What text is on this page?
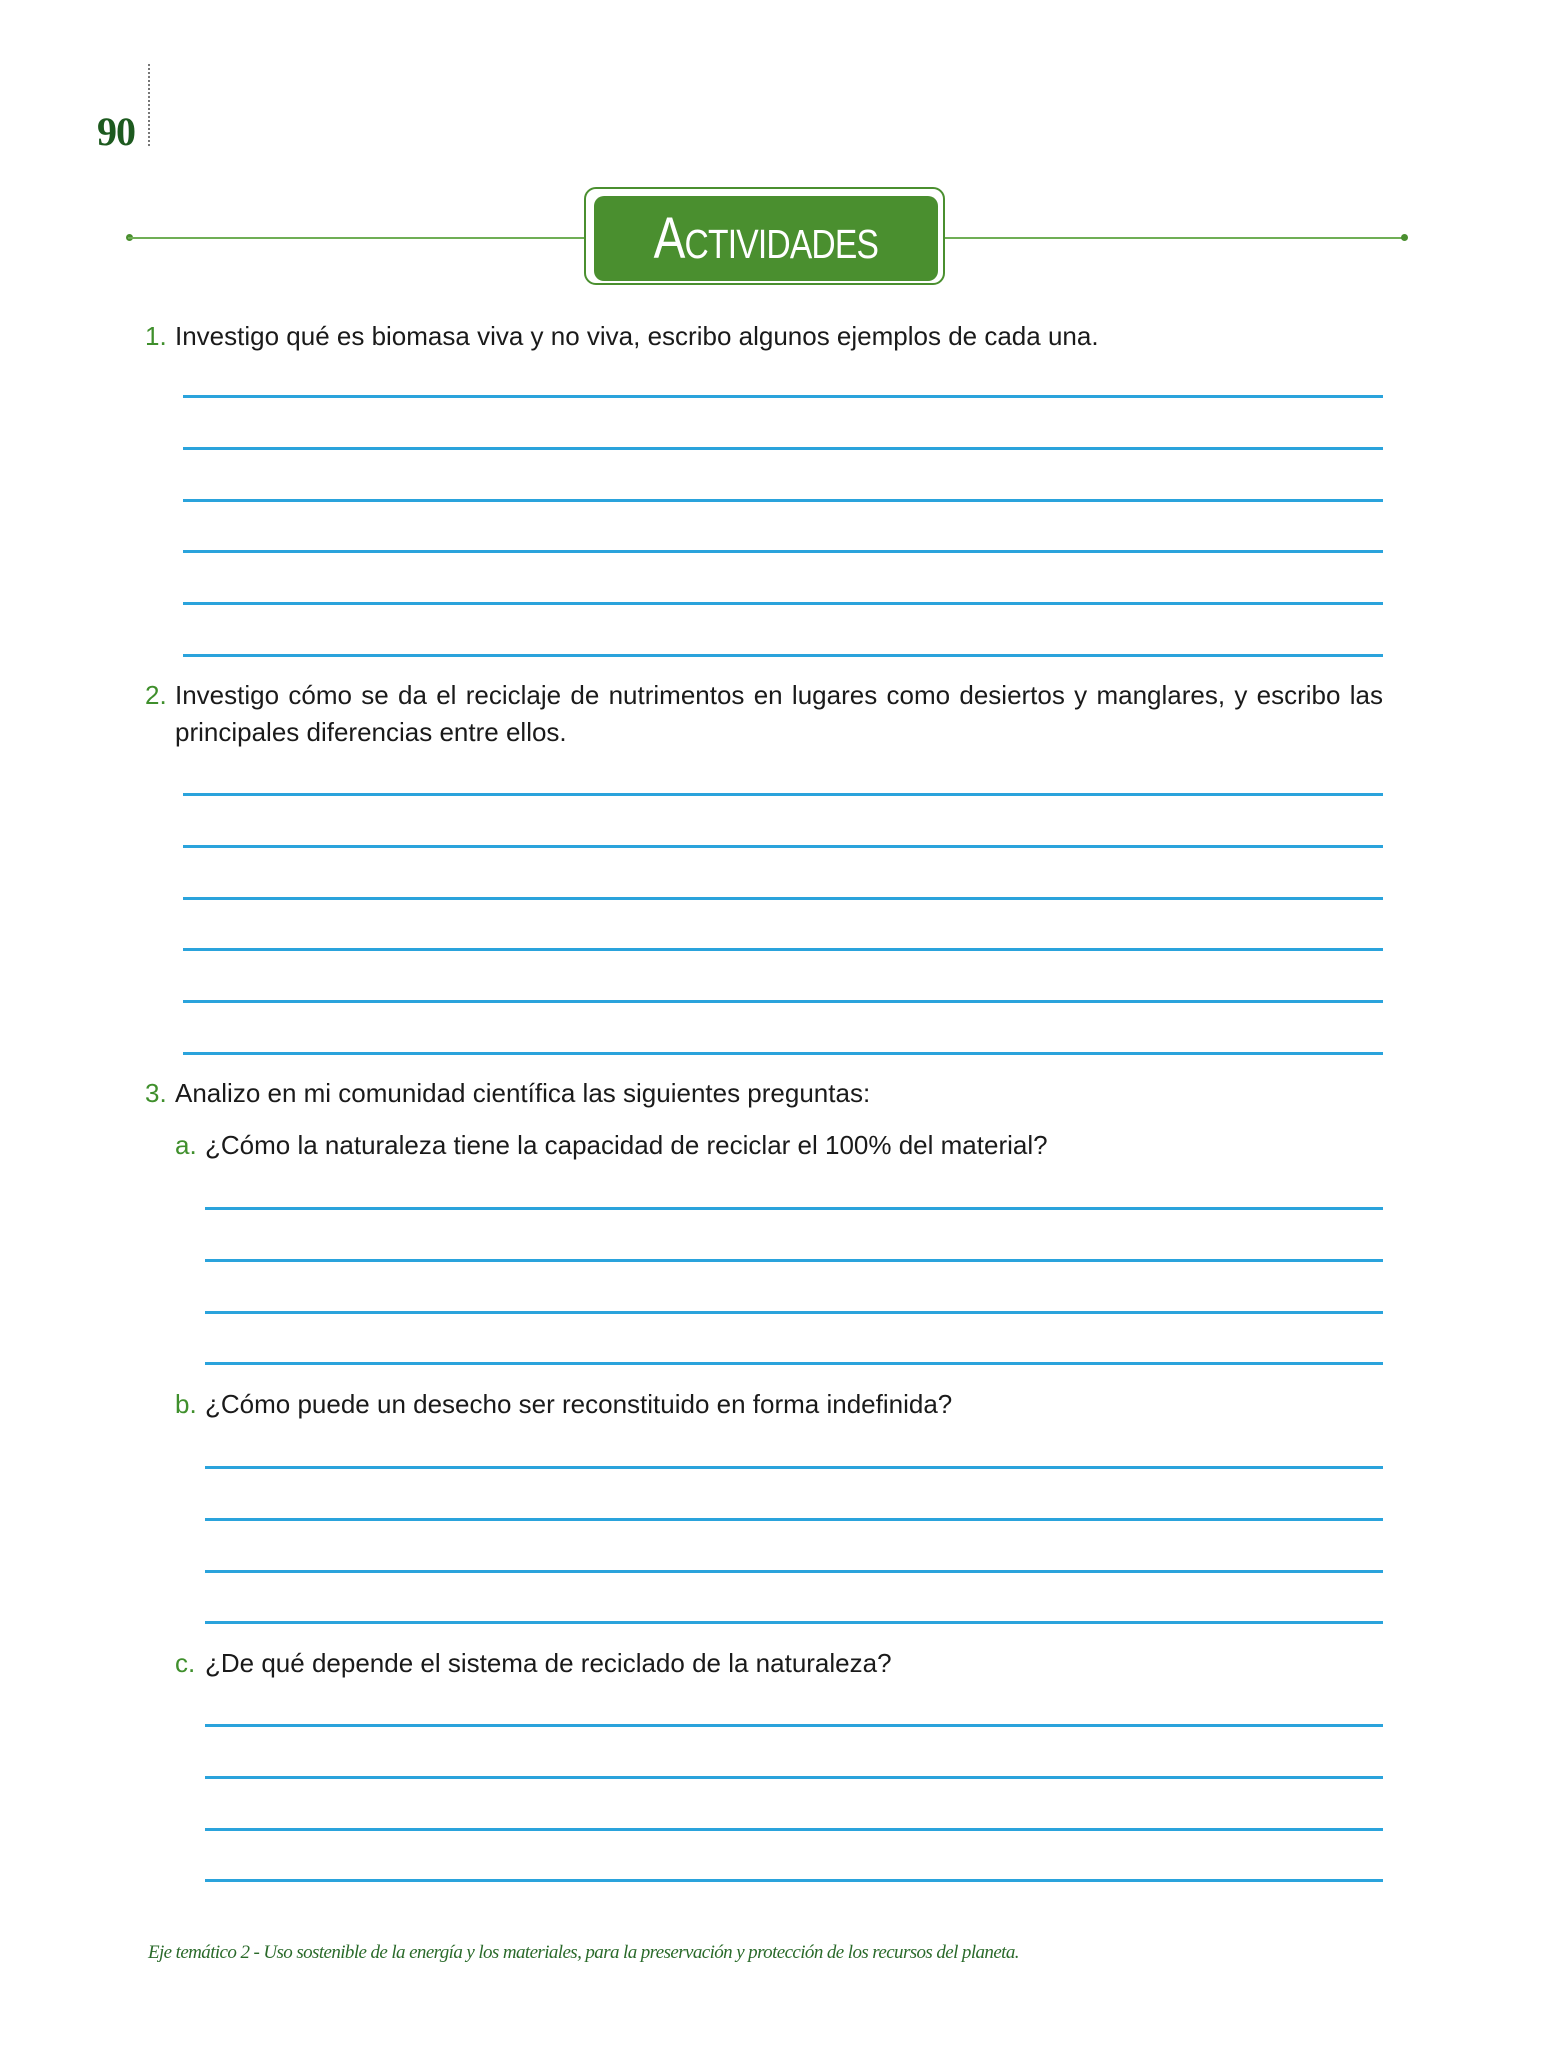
90
Actividades
1. Investigo qué es biomasa viva y no viva, escribo algunos ejemplos de cada una.
2. Investigo cómo se da el reciclaje de nutrimentos en lugares como desiertos y manglares, y escribo las principales diferencias entre ellos.
3. Analizo en mi comunidad científica las siguientes preguntas:
a. ¿Cómo la naturaleza tiene la capacidad de reciclar el 100% del material?
b. ¿Cómo puede un desecho ser reconstituido en forma indefinida?
c. ¿De qué depende el sistema de reciclado de la naturaleza?
Eje temático 2 - Uso sostenible de la energía y los materiales, para la preservación y protección de los recursos del planeta.
